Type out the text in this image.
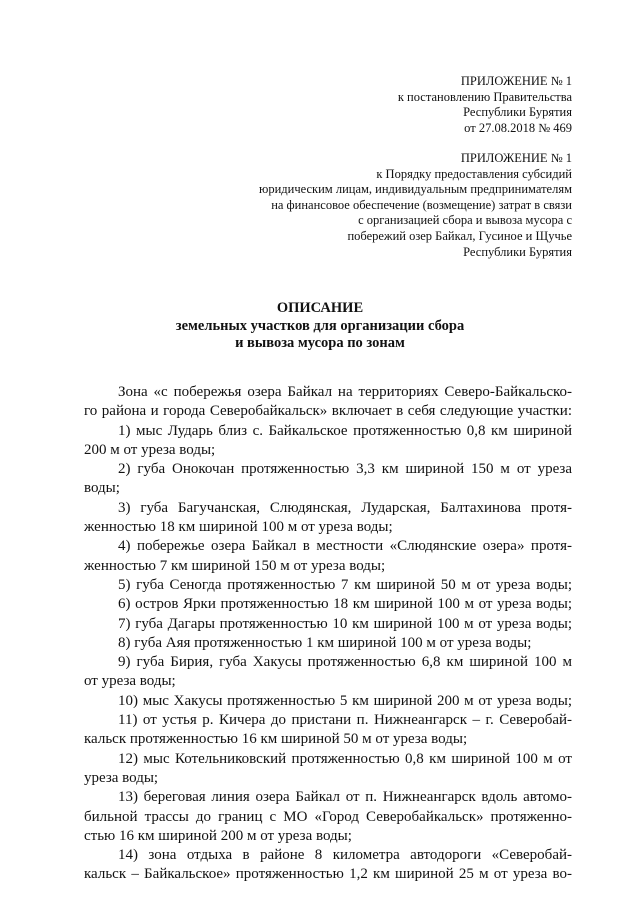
ПРИЛОЖЕНИЕ № 1
к постановлению Правительства
Республики Бурятия
от 27.08.2018 № 469
ПРИЛОЖЕНИЕ № 1
к Порядку предоставления субсидий
юридическим лицам, индивидуальным предпринимателям
на финансовое обеспечение (возмещение) затрат в связи
с организацией сбора и вывоза мусора с
побережий озер Байкал, Гусиное и Щучье
Республики Бурятия
ОПИСАНИЕ
земельных участков для организации сбора
и вывоза мусора по зонам
Зона «с побережья озера Байкал на территориях Северо-Байкальско-
го района и города Северобайкальск» включает в себя следующие участки:
1) мыс Лударь близ с. Байкальское протяженностью 0,8 км шириной
200 м от уреза воды;
2) губа Онокочан протяженностью 3,3 км шириной 150 м от уреза
воды;
3) губа Багучанская, Слюдянская, Лударская, Балтахинова протя-
женностью 18 км шириной 100 м от уреза воды;
4) побережье озера Байкал в местности «Слюдянские озера» протя-
женностью 7 км шириной 150 м от уреза воды;
5) губа Сеногда протяженностью 7 км шириной 50 м от уреза воды;
6) остров Ярки протяженностью 18 км шириной 100 м от уреза воды;
7) губа Дагары протяженностью 10 км шириной 100 м от уреза воды;
8) губа Аяя протяженностью 1 км шириной 100 м от уреза воды;
9) губа Бирия, губа Хакусы протяженностью 6,8 км шириной 100 м
от уреза воды;
10) мыс Хакусы протяженностью 5 км шириной 200 м от уреза воды;
11) от устья р. Кичера до пристани п. Нижнеангарск – г. Северобай-
кальск протяженностью 16 км шириной 50 м от уреза воды;
12) мыс Котельниковский протяженностью 0,8 км шириной 100 м от
уреза воды;
13) береговая линия озера Байкал от п. Нижнеангарск вдоль автомо-
бильной трассы до границ с МО «Город Северобайкальск» протяженно-
стью 16 км шириной 200 м от уреза воды;
14) зона отдыха в районе 8 километра автодороги «Северобай-
кальск – Байкальское» протяженностью 1,2 км шириной 25 м от уреза во-
